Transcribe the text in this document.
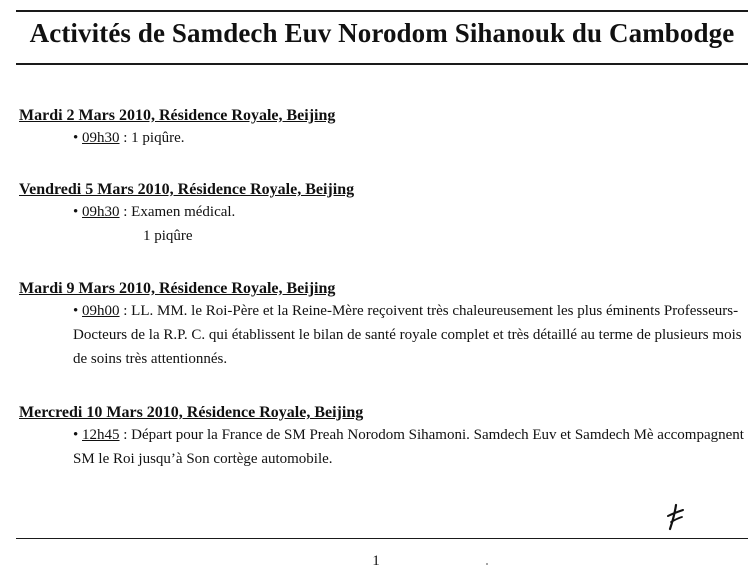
Activités de Samdech Euv Norodom Sihanouk du Cambodge
Mardi 2 Mars 2010, Résidence Royale, Beijing
• 09h30 : 1 piqûre.
Vendredi 5 Mars 2010, Résidence Royale, Beijing
• 09h30 : Examen médical.
1 piqûre
Mardi 9 Mars 2010, Résidence Royale, Beijing
• 09h00 : LL. MM. le Roi-Père et la Reine-Mère reçoivent très chaleureusement les plus éminents Professeurs-Docteurs de la R.P. C. qui établissent le bilan de santé royale complet et très détaillé au terme de plusieurs mois de soins très attentionnés.
Mercredi 10 Mars 2010, Résidence Royale, Beijing
• 12h45 : Départ pour la France de SM Preah Norodom Sihamoni. Samdech Euv et Samdech Mè accompagnent SM le Roi jusqu’à Son cortège automobile.
1
